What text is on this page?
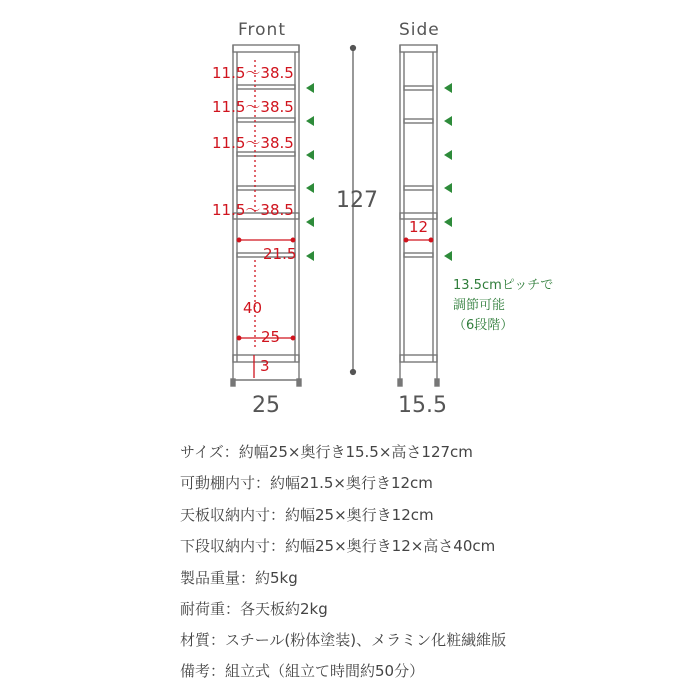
Front	Side
11.5～38.5
11.5～38.5
11.5～38.5
11.5～38.5
21.5
40
25
3
12
127
25	15.5
13.5cmピッチで
調節可能
（6段階）
サイズ：約幅25×奥行き15.5×高さ127cm
可動棚内寸：約幅21.5×奥行き12cm
天板収納内寸：約幅25×奥行き12cm
下段収納内寸：約幅25×奥行き12×高さ40cm
製品重量：約5kg
耐荷重：各天板約2kg
材質：スチール(粉体塗装)、メラミン化粧繊維版
備考：組立式（組立て時間約50分）
